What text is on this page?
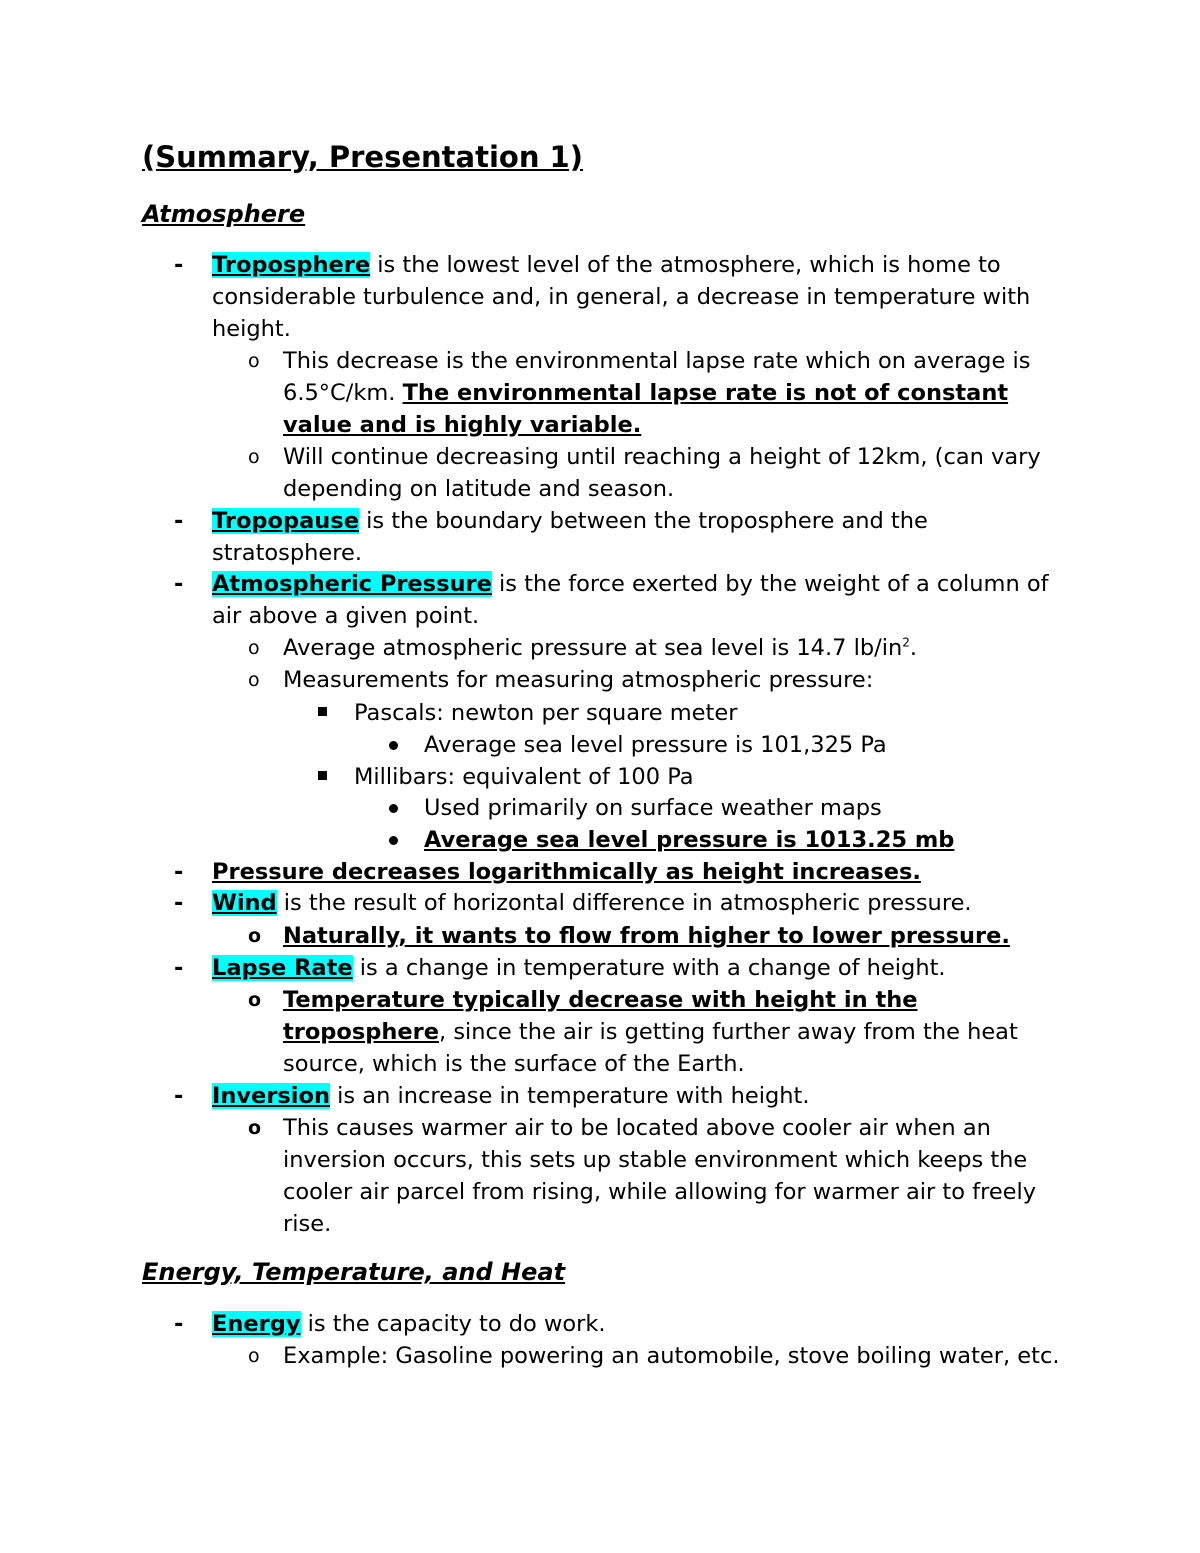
(Summary, Presentation 1)
Atmosphere
- Troposphere is the lowest level of the atmosphere, which is home to considerable turbulence and, in general, a decrease in temperature with height.
o This decrease is the environmental lapse rate which on average is 6.5°C/km. The environmental lapse rate is not of constant value and is highly variable.
o Will continue decreasing until reaching a height of 12km, (can vary depending on latitude and season.
- Tropopause is the boundary between the troposphere and the stratosphere.
- Atmospheric Pressure is the force exerted by the weight of a column of air above a given point.
o Average atmospheric pressure at sea level is 14.7 $lb/in^2$.
o Measurements for measuring atmospheric pressure:
Pascals: newton per square meter
Average sea level pressure is 101,325 Pa
Millibars: equivalent of 100 Pa
Used primarily on surface weather maps
Average sea level pressure is 1013.25 mb
- Pressure decreases logarithmically as height increases.
- Wind is the result of horizontal difference in atmospheric pressure.
o Naturally, it wants to flow from higher to lower pressure.
- Lapse Rate is a change in temperature with a change of height.
o Temperature typically decrease with height in the troposphere, since the air is getting further away from the heat source, which is the surface of the Earth.
- Inversion is an increase in temperature with height.
o This causes warmer air to be located above cooler air when an inversion occurs, this sets up stable environment which keeps the cooler air parcel from rising, while allowing for warmer air to freely rise.
Energy, Temperature, and Heat
- Energy is the capacity to do work.
o Example: Gasoline powering an automobile, stove boiling water, etc.
